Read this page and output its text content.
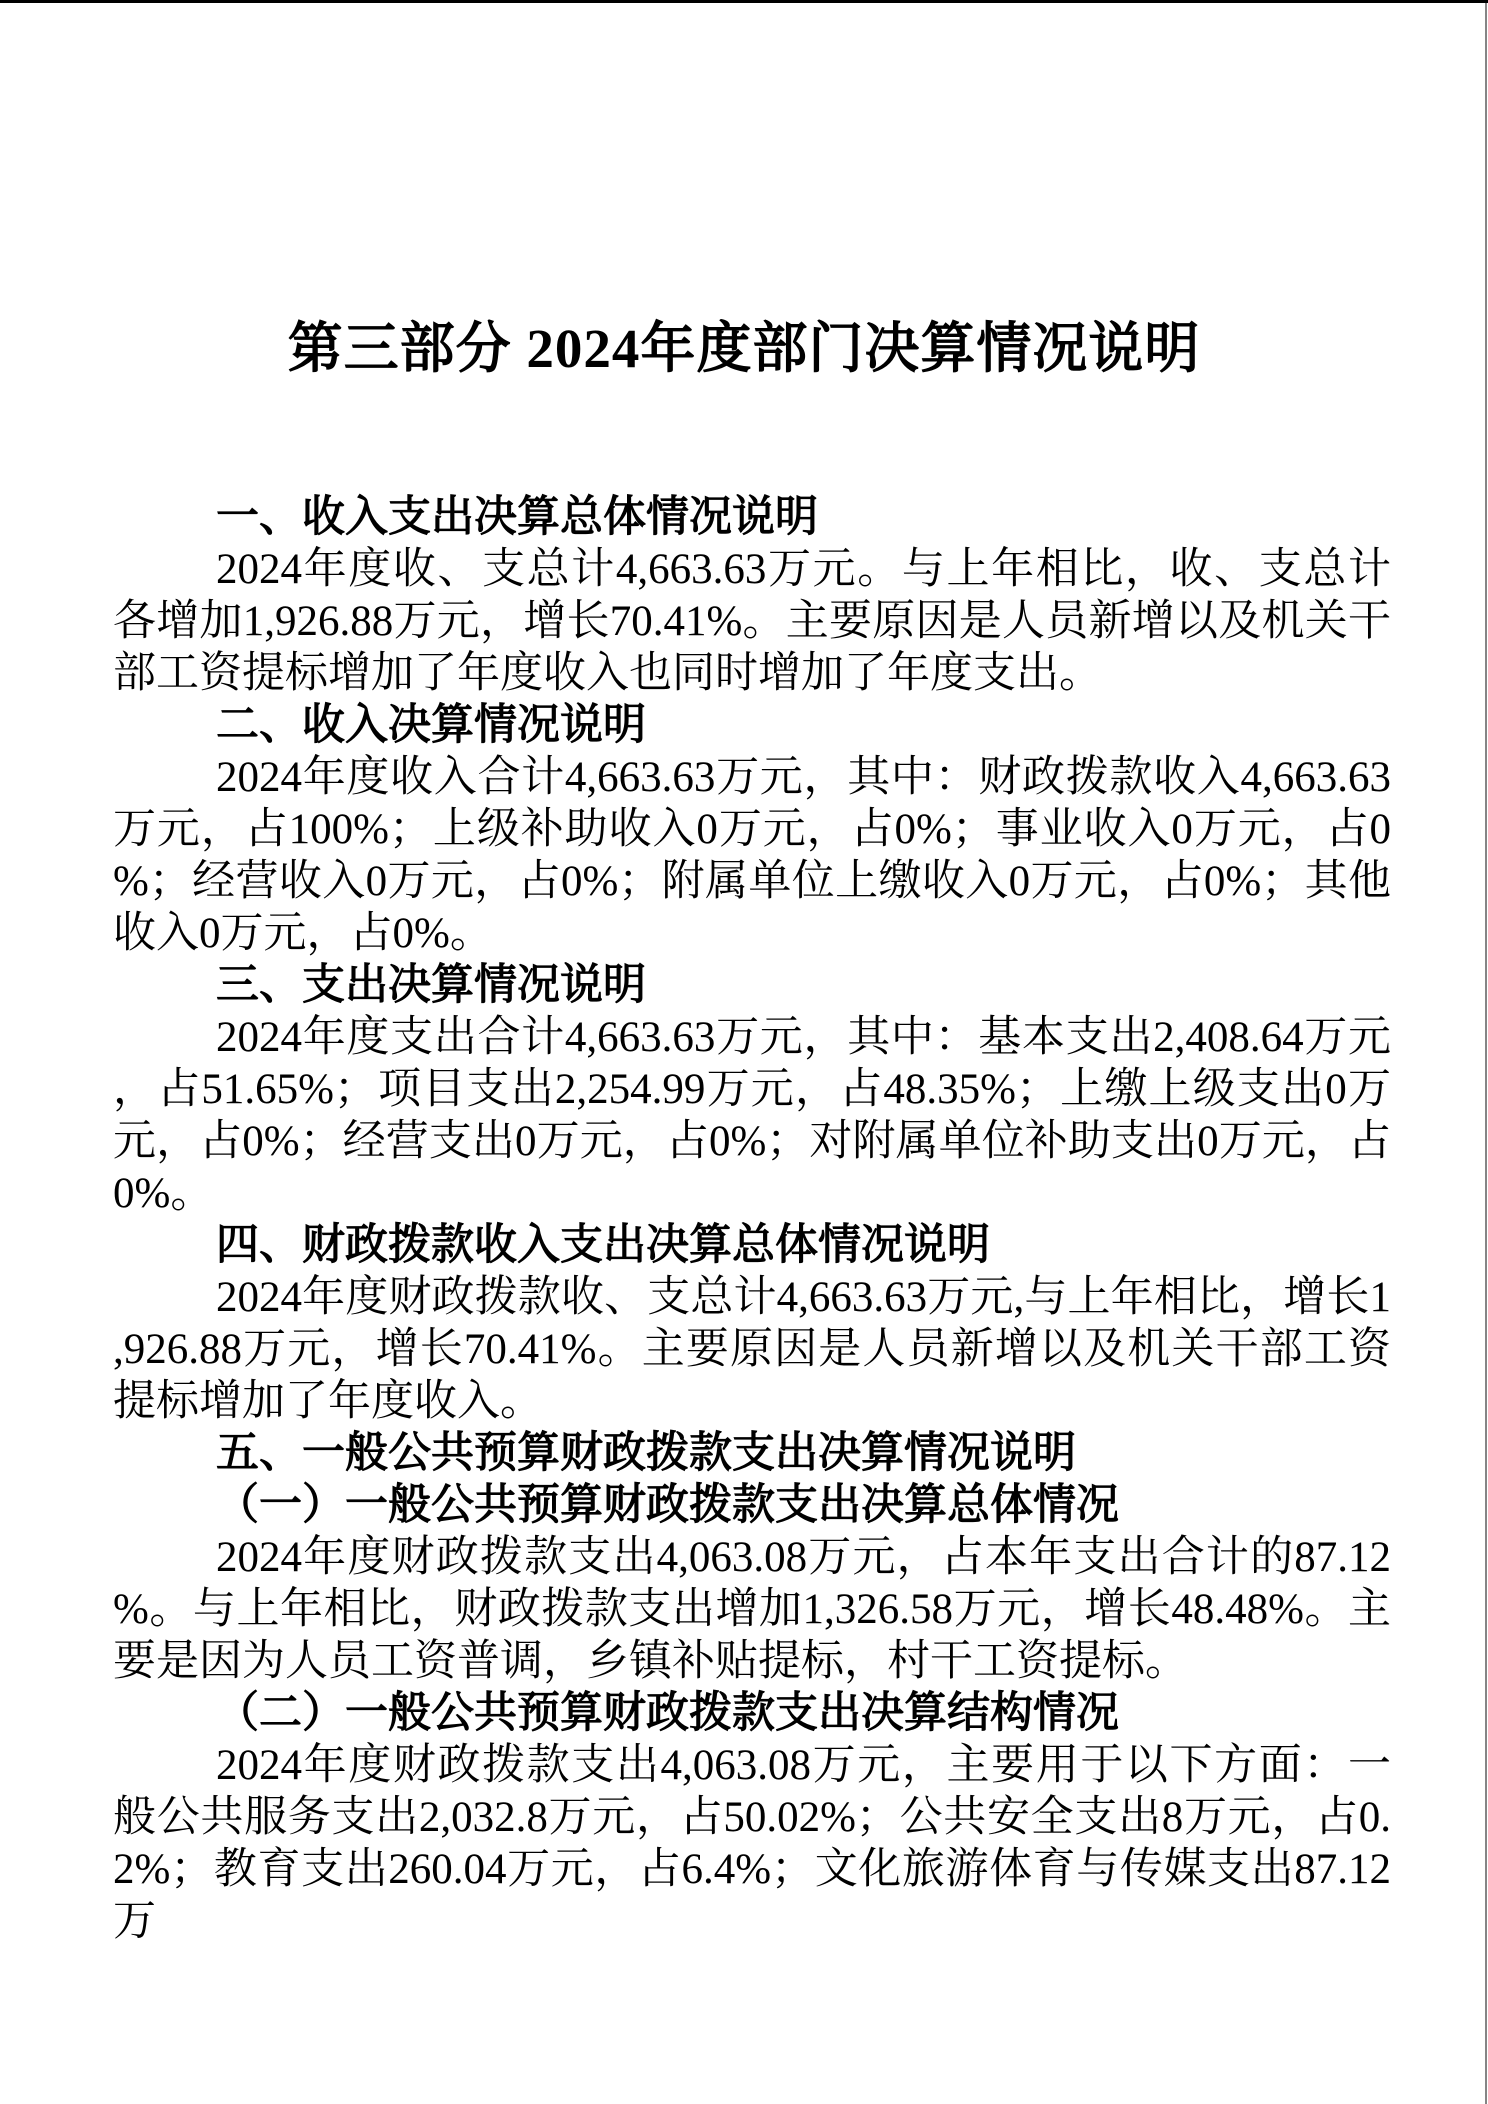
第三部分 2024年度部门决算情况说明
一、收入支出决算总体情况说明

2024年度收、支总计4,663.63万元。与上年相比，收、支总计各增加1,926.88万元，增长70.41%。主要原因是人员新增以及机关干部工资提标增加了年度收入也同时增加了年度支出。

二、收入决算情况说明

2024年度收入合计4,663.63万元，其中：财政拨款收入4,663.63万元，占100%；上级补助收入0万元，占0%；事业收入0万元，占0%；经营收入0万元，占0%；附属单位上缴收入0万元，占0%；其他收入0万元，占0%。

三、支出决算情况说明

2024年度支出合计4,663.63万元，其中：基本支出2,408.64万元，占51.65%；项目支出2,254.99万元，占48.35%；上缴上级支出0万元，占0%；经营支出0万元，占0%；对附属单位补助支出0万元，占0%。

四、财政拨款收入支出决算总体情况说明

2024年度财政拨款收、支总计4,663.63万元,与上年相比，增长1,926.88万元，增长70.41%。主要原因是人员新增以及机关干部工资提标增加了年度收入。

五、一般公共预算财政拨款支出决算情况说明
（一）一般公共预算财政拨款支出决算总体情况

2024年度财政拨款支出4,063.08万元，占本年支出合计的87.12%。与上年相比，财政拨款支出增加1,326.58万元，增长48.48%。主要是因为人员工资普调，乡镇补贴提标，村干工资提标。

（二）一般公共预算财政拨款支出决算结构情况

2024年度财政拨款支出4,063.08万元，主要用于以下方面：一般公共服务支出2,032.8万元，占50.02%；公共安全支出8万元，占0.2%；教育支出260.04万元，占6.4%；文化旅游体育与传媒支出87.12万
